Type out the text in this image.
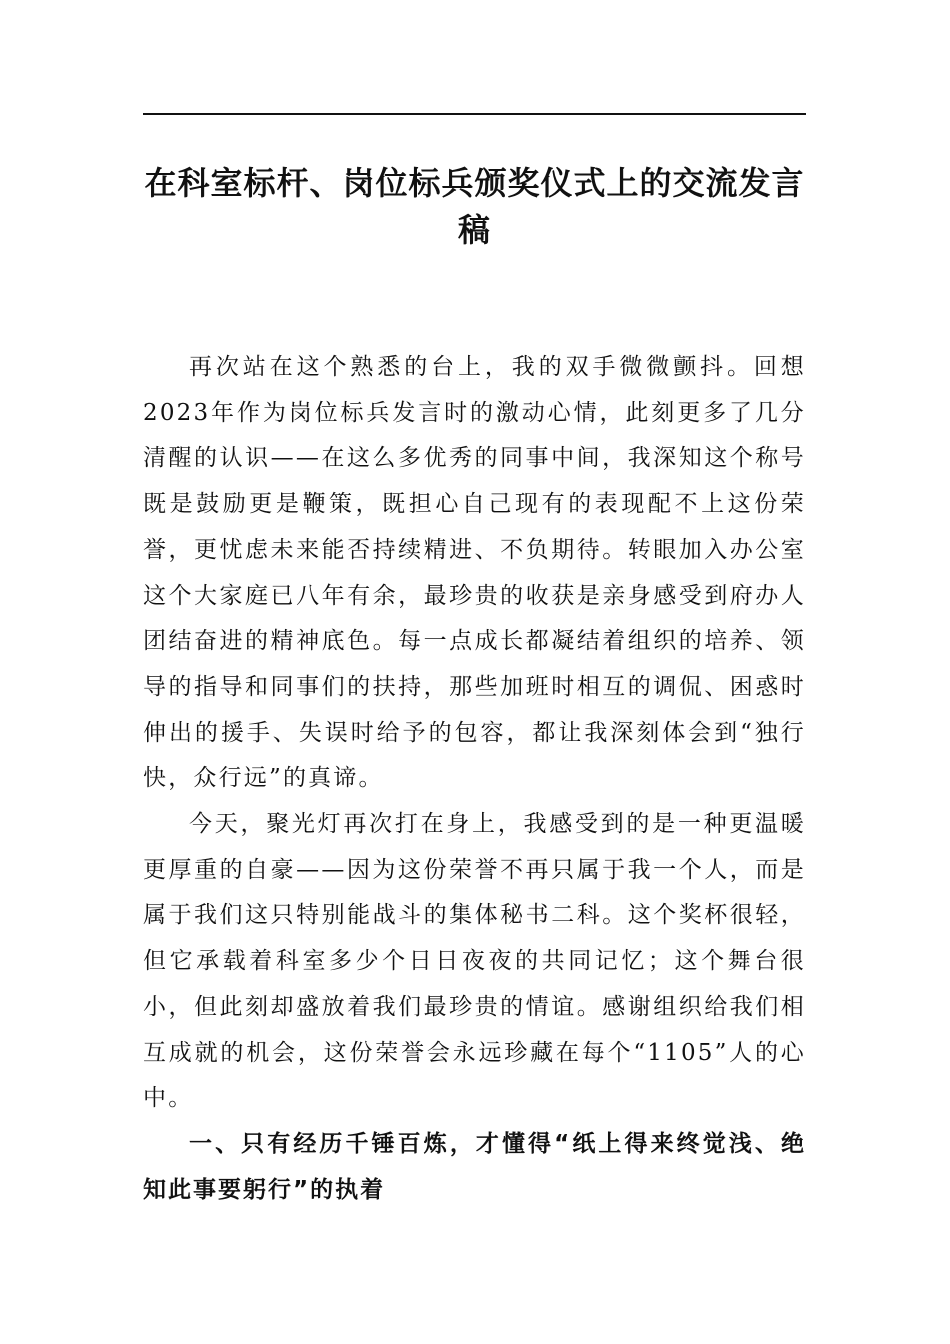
在科室标杆、岗位标兵颁奖仪式上的交流发言稿

再次站在这个熟悉的台上，我的双手微微颤抖。回想2023年作为岗位标兵发言时的激动心情，此刻更多了几分清醒的认识——在这么多优秀的同事中间，我深知这个称号既是鼓励更是鞭策，既担心自己现有的表现配不上这份荣誉，更忧虑未来能否持续精进、不负期待。转眼加入办公室这个大家庭已八年有余，最珍贵的收获是亲身感受到府办人团结奋进的精神底色。每一点成长都凝结着组织的培养、领导的指导和同事们的扶持，那些加班时相互的调侃、困惑时伸出的援手、失误时给予的包容，都让我深刻体会到“独行快，众行远”的真谛。

今天，聚光灯再次打在身上，我感受到的是一种更温暖更厚重的自豪——因为这份荣誉不再只属于我一个人，而是属于我们这只特别能战斗的集体秘书二科。这个奖杯很轻，但它承载着科室多少个日日夜夜的共同记忆；这个舞台很小，但此刻却盛放着我们最珍贵的情谊。感谢组织给我们相互成就的机会，这份荣誉会永远珍藏在每个“1105”人的心中。

一、只有经历千锤百炼，才懂得“纸上得来终觉浅、绝知此事要躬行”的执着
